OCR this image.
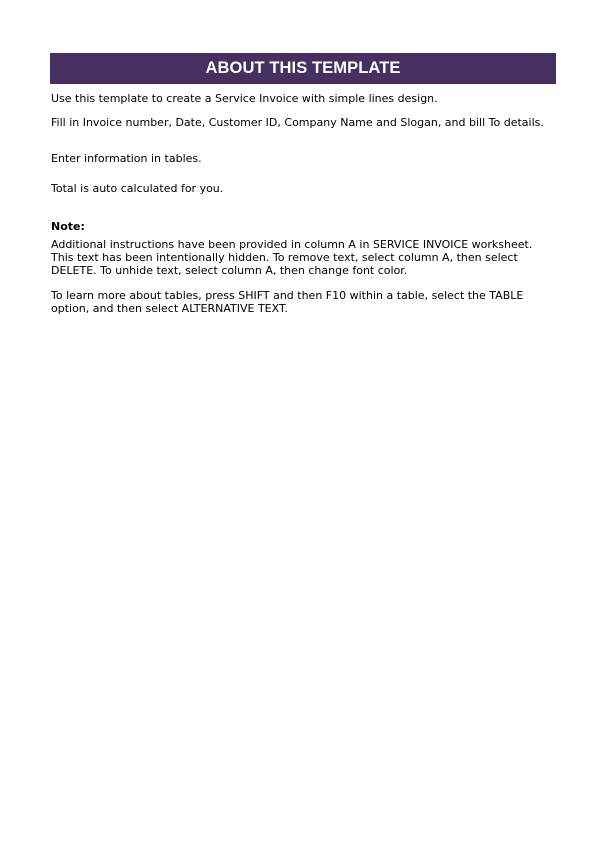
ABOUT THIS TEMPLATE

Use this template to create a Service Invoice with simple lines design.

Fill in Invoice number, Date, Customer ID, Company Name and Slogan, and bill To details.

Enter information in tables.

Total is auto calculated for you.

Note:

Additional instructions have been provided in column A in SERVICE INVOICE worksheet. This text has been intentionally hidden. To remove text, select column A, then select DELETE. To unhide text, select column A, then change font color.

To learn more about tables, press SHIFT and then F10 within a table, select the TABLE option, and then select ALTERNATIVE TEXT.
